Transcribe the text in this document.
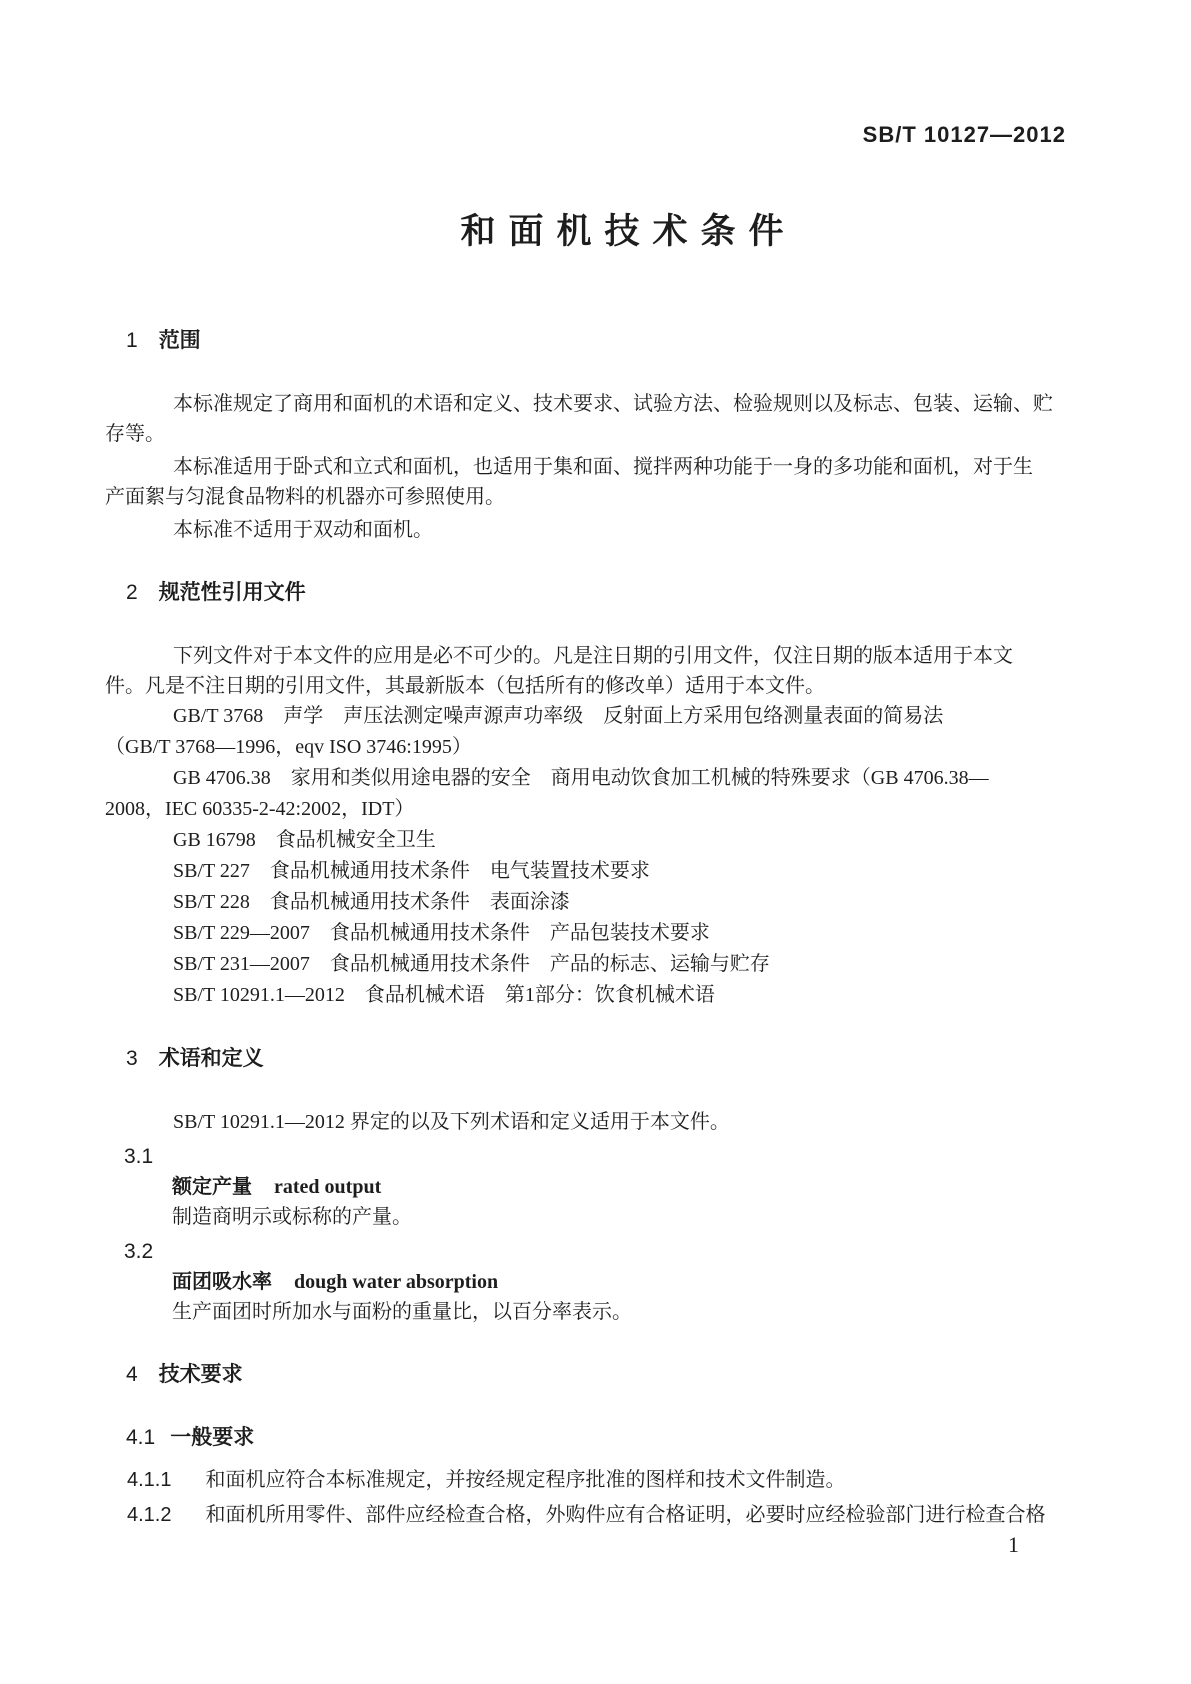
SB/T 10127—2012
和面机技术条件
1 范围
本标准规定了商用和面机的术语和定义、技术要求、试验方法、检验规则以及标志、包装、运输、贮
存等。
本标准适用于卧式和立式和面机，也适用于集和面、搅拌两种功能于一身的多功能和面机，对于生
产面絮与匀混食品物料的机器亦可参照使用。
本标准不适用于双动和面机。
2 规范性引用文件
下列文件对于本文件的应用是必不可少的。凡是注日期的引用文件，仅注日期的版本适用于本文
件。凡是不注日期的引用文件，其最新版本（包括所有的修改单）适用于本文件。
GB/T 3768　声学　声压法测定噪声源声功率级　反射面上方采用包络测量表面的简易法
（GB/T 3768—1996，eqv ISO 3746:1995）
GB 4706.38　家用和类似用途电器的安全　商用电动饮食加工机械的特殊要求（GB 4706.38—
2008，IEC 60335-2-42:2002，IDT）
GB 16798　食品机械安全卫生
SB/T 227　食品机械通用技术条件　电气装置技术要求
SB/T 228　食品机械通用技术条件　表面涂漆
SB/T 229—2007　食品机械通用技术条件　产品包装技术要求
SB/T 231—2007　食品机械通用技术条件　产品的标志、运输与贮存
SB/T 10291.1—2012　食品机械术语　第1部分：饮食机械术语
3 术语和定义
SB/T 10291.1—2012 界定的以及下列术语和定义适用于本文件。
3.1
额定产量 rated output
制造商明示或标称的产量。
3.2
面团吸水率 dough water absorption
生产面团时所加水与面粉的重量比，以百分率表示。
4 技术要求
4.1 一般要求
4.1.1 和面机应符合本标准规定，并按经规定程序批准的图样和技术文件制造。
4.1.2 和面机所用零件、部件应经检查合格，外购件应有合格证明，必要时应经检验部门进行检查合格
1
